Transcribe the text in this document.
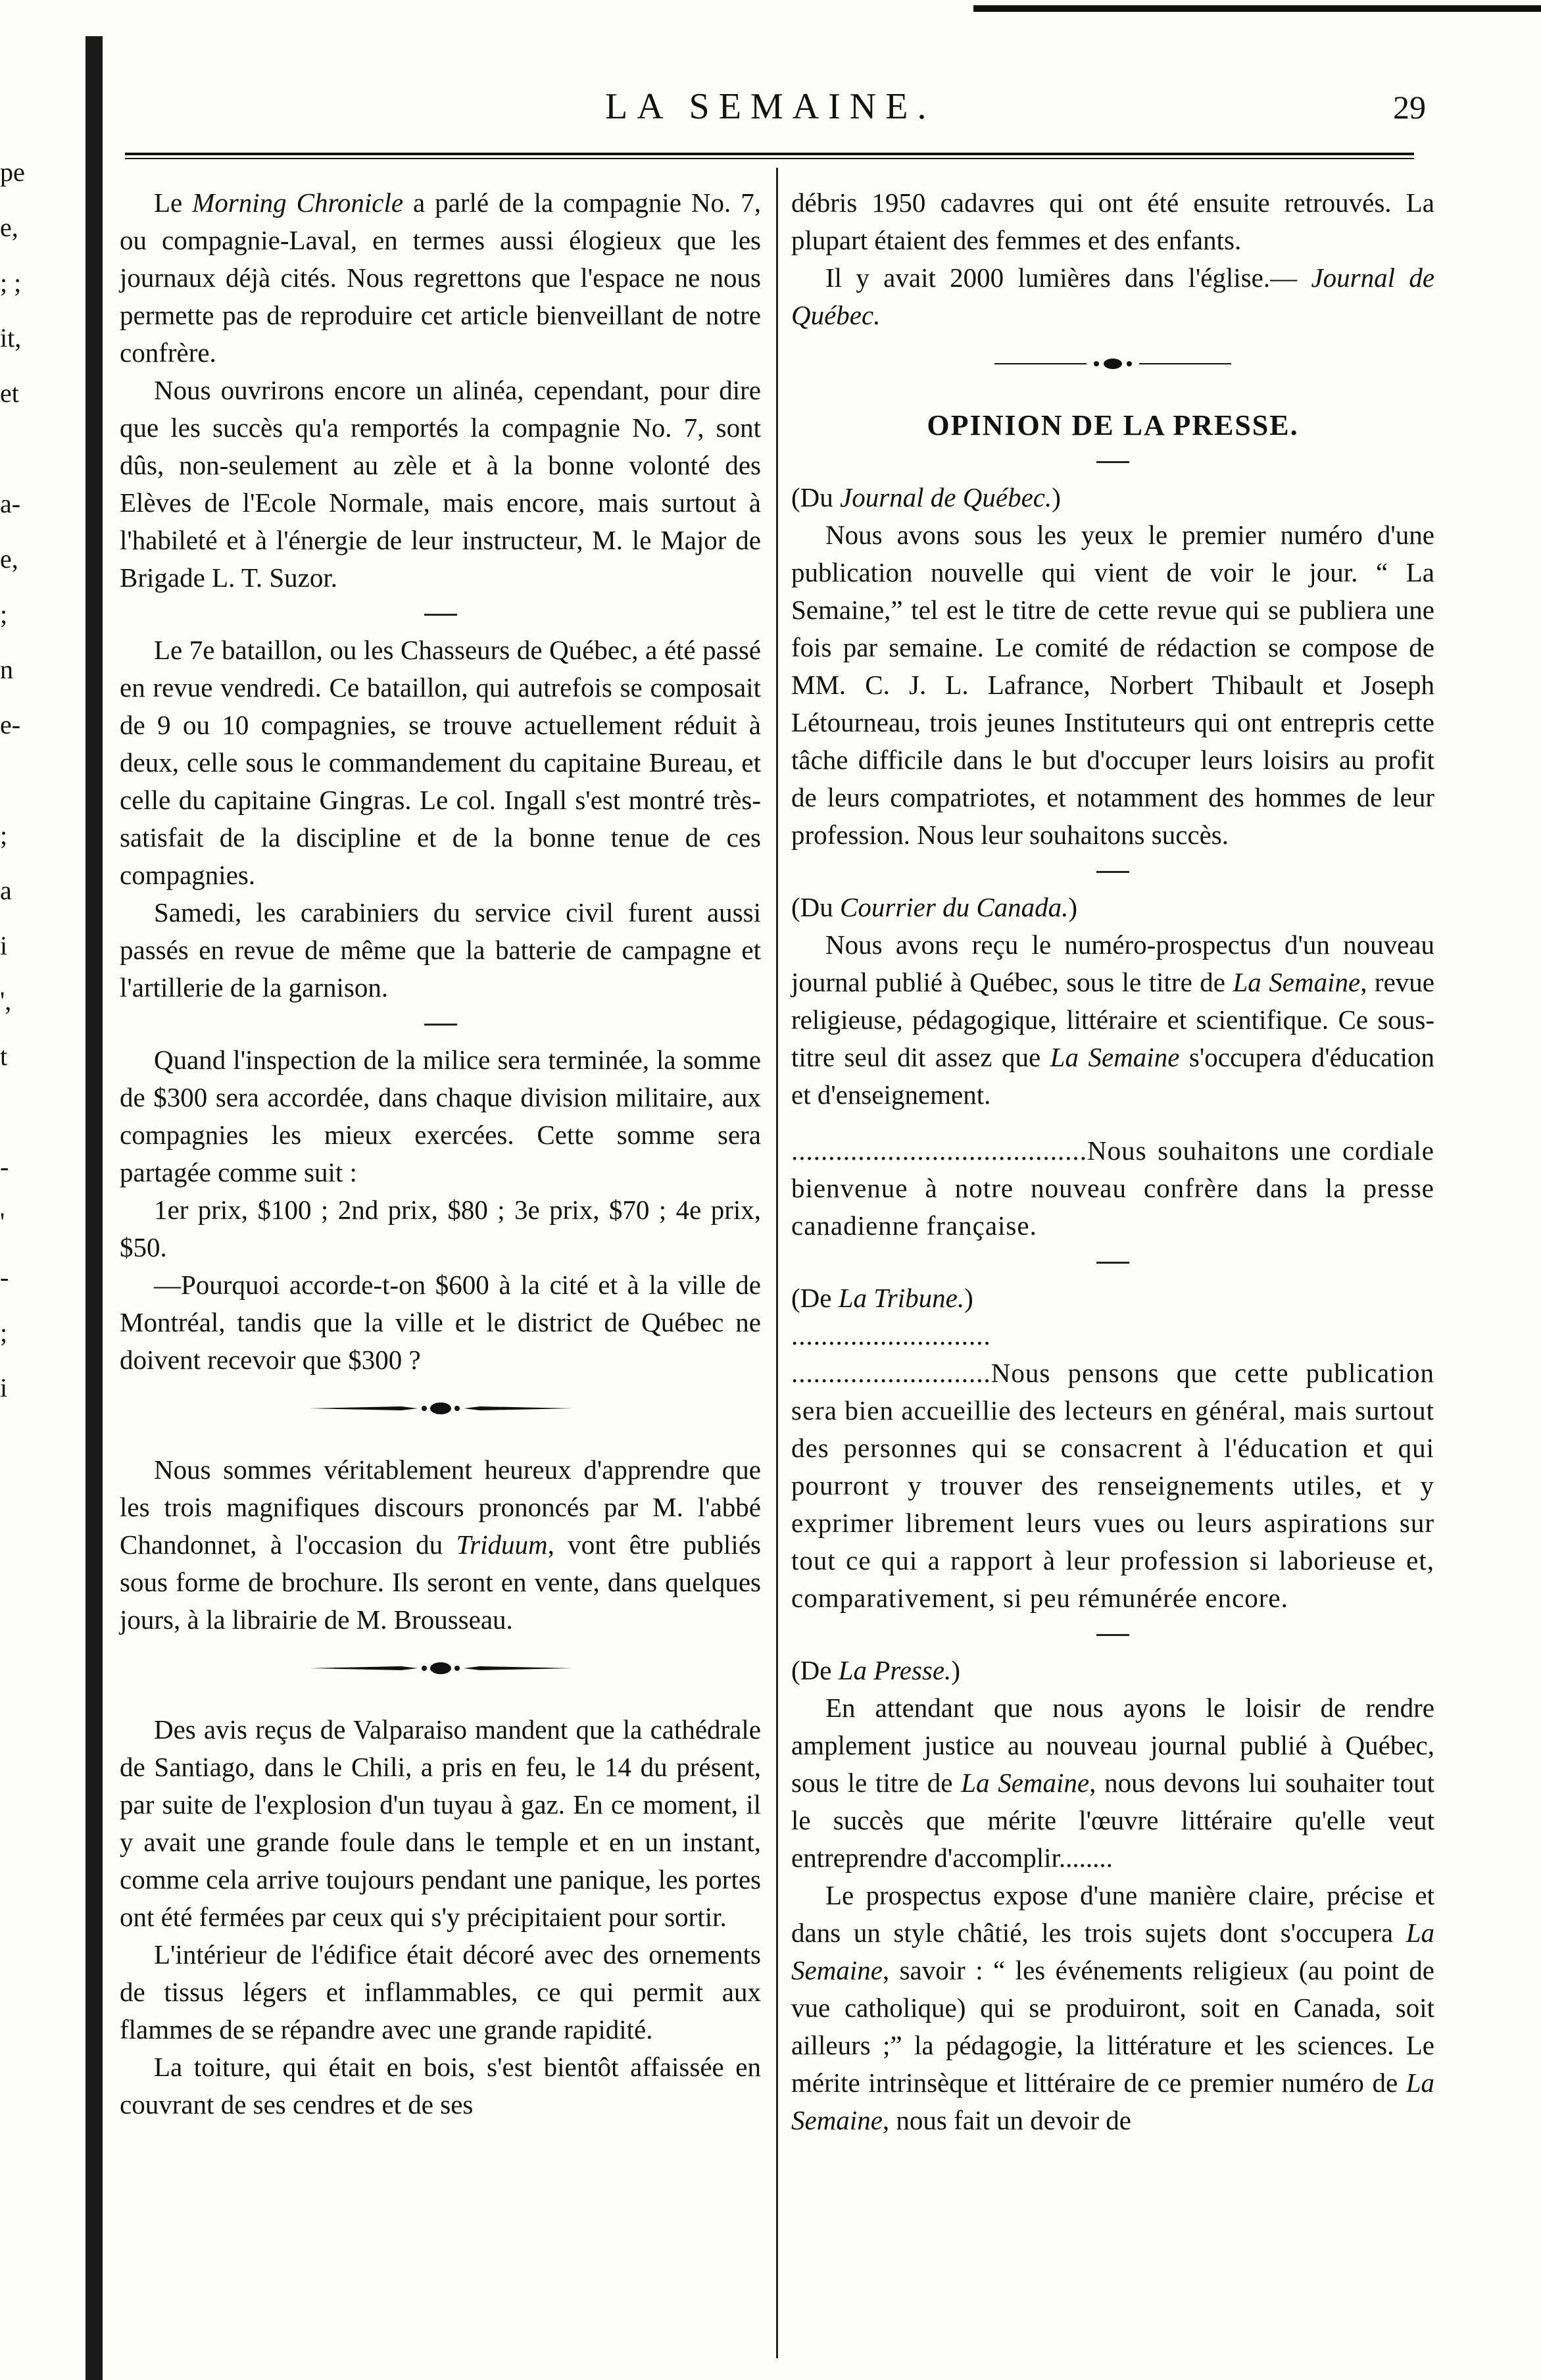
pe
e,
; ;
it,
et
a-
e,
;
n
e-
;
a
i
',
t
-
'
-
;
i
LA SEMAINE.	29

Le Morning Chronicle a parlé de la compagnie No. 7, ou compagnie-Laval, en termes aussi élogieux que les journaux déjà cités. Nous regrettons que l'espace ne nous permette pas de reproduire cet article bienveillant de notre confrère.

Nous ouvrirons encore un alinéa, cependant, pour dire que les succès qu'a remportés la compagnie No. 7, sont dûs, non-seulement au zèle et à la bonne volonté des Elèves de l'Ecole Normale, mais encore, mais surtout à l'habileté et à l'énergie de leur instructeur, M. le Major de Brigade L. T. Suzor.

Le 7e bataillon, ou les Chasseurs de Québec, a été passé en revue vendredi. Ce bataillon, qui autrefois se composait de 9 ou 10 compagnies, se trouve actuellement réduit à deux, celle sous le commandement du capitaine Bureau, et celle du capitaine Gingras. Le col. Ingall s'est montré très-satisfait de la discipline et de la bonne tenue de ces compagnies.

Samedi, les carabiniers du service civil furent aussi passés en revue de même que la batterie de campagne et l'artillerie de la garnison.

Quand l'inspection de la milice sera terminée, la somme de $300 sera accordée, dans chaque division militaire, aux compagnies les mieux exercées. Cette somme sera partagée comme suit :

1er prix, $100 ; 2nd prix, $80 ; 3e prix, $70 ; 4e prix, $50.

—Pourquoi accorde-t-on $600 à la cité et à la ville de Montréal, tandis que la ville et le district de Québec ne doivent recevoir que $300 ?

Nous sommes véritablement heureux d'apprendre que les trois magnifiques discours prononcés par M. l'abbé Chandonnet, à l'occasion du Triduum, vont être publiés sous forme de brochure. Ils seront en vente, dans quelques jours, à la librairie de M. Brousseau.

Des avis reçus de Valparaiso mandent que la cathédrale de Santiago, dans le Chili, a pris en feu, le 14 du présent, par suite de l'explosion d'un tuyau à gaz. En ce moment, il y avait une grande foule dans le temple et en un instant, comme cela arrive toujours pendant une panique, les portes ont été fermées par ceux qui s'y précipitaient pour sortir.

L'intérieur de l'édifice était décoré avec des ornements de tissus légers et inflammables, ce qui permit aux flammes de se répandre avec une grande rapidité.

La toiture, qui était en bois, s'est bientôt affaissée en couvrant de ses cendres et de ses

débris 1950 cadavres qui ont été ensuite retrouvés. La plupart étaient des femmes et des enfants.

Il y avait 2000 lumières dans l'église.— Journal de Québec.

OPINION DE LA PRESSE.

(Du Journal de Québec.)

Nous avons sous les yeux le premier numéro d'une publication nouvelle qui vient de voir le jour. “ La Semaine,” tel est le titre de cette revue qui se publiera une fois par semaine. Le comité de rédaction se compose de MM. C. J. L. Lafrance, Norbert Thibault et Joseph Létourneau, trois jeunes Instituteurs qui ont entrepris cette tâche difficile dans le but d'occuper leurs loisirs au profit de leurs compatriotes, et notamment des hommes de leur profession. Nous leur souhaitons succès.

(Du Courrier du Canada.)

Nous avons reçu le numéro-prospectus d'un nouveau journal publié à Québec, sous le titre de La Semaine, revue religieuse, pédagogique, littéraire et scientifique. Ce sous-titre seul dit assez que La Semaine s'occupera d'éducation et d'enseignement.

........................................Nous souhaitons une cordiale bienvenue à notre nouveau confrère dans la presse canadienne française.

(De La Tribune.)

...........................

...........................Nous pensons que cette publication sera bien accueillie des lecteurs en général, mais surtout des personnes qui se consacrent à l'éducation et qui pourront y trouver des renseignements utiles, et y exprimer librement leurs vues ou leurs aspirations sur tout ce qui a rapport à leur profession si laborieuse et, comparativement, si peu rémunérée encore.

(De La Presse.)

En attendant que nous ayons le loisir de rendre amplement justice au nouveau journal publié à Québec, sous le titre de La Semaine, nous devons lui souhaiter tout le succès que mérite l'œuvre littéraire qu'elle veut entreprendre d'accomplir........

Le prospectus expose d'une manière claire, précise et dans un style châtié, les trois sujets dont s'occupera La Semaine, savoir : “ les événements religieux (au point de vue catholique) qui se produiront, soit en Canada, soit ailleurs ;” la pédagogie, la littérature et les sciences. Le mérite intrinsèque et littéraire de ce premier numéro de La Semaine, nous fait un devoir de
